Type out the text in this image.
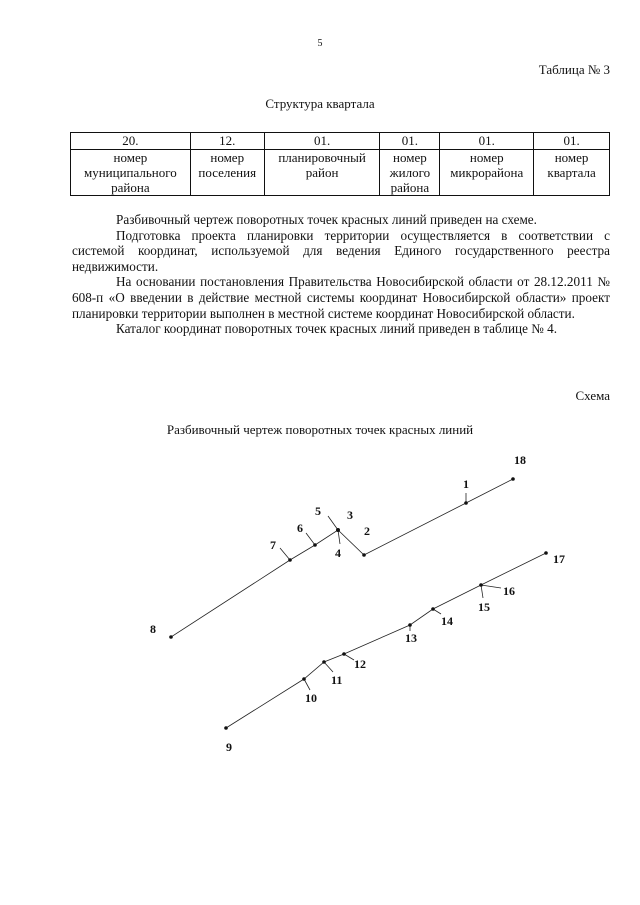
5
Таблица № 3
Структура квартала
20.	12.	01.	01.	01.	01.
номер муниципального района	номер поселения	планировочный район	номер жилого района	номер микрорайона	номер квартала

Разбивочный чертеж поворотных точек красных линий приведен на схеме.

Подготовка проекта планировки территории осуществляется в соответствии с системой координат, используемой для ведения Единого государственного реестра недвижимости.

На основании постановления Правительства Новосибирской области от 28.12.2011 № 608-п «О введении в действие местной системы координат Новосибирской области» проект планировки территории выполнен в местной системе координат Новосибирской области.

Каталог координат поворотных точек красных линий приведен в таблице № 4.

Схема
Разбивочный чертеж поворотных точек красных линий
1
2
3
4
5
6
7
8
9
10
11
12
13
14
15
16
17
18
